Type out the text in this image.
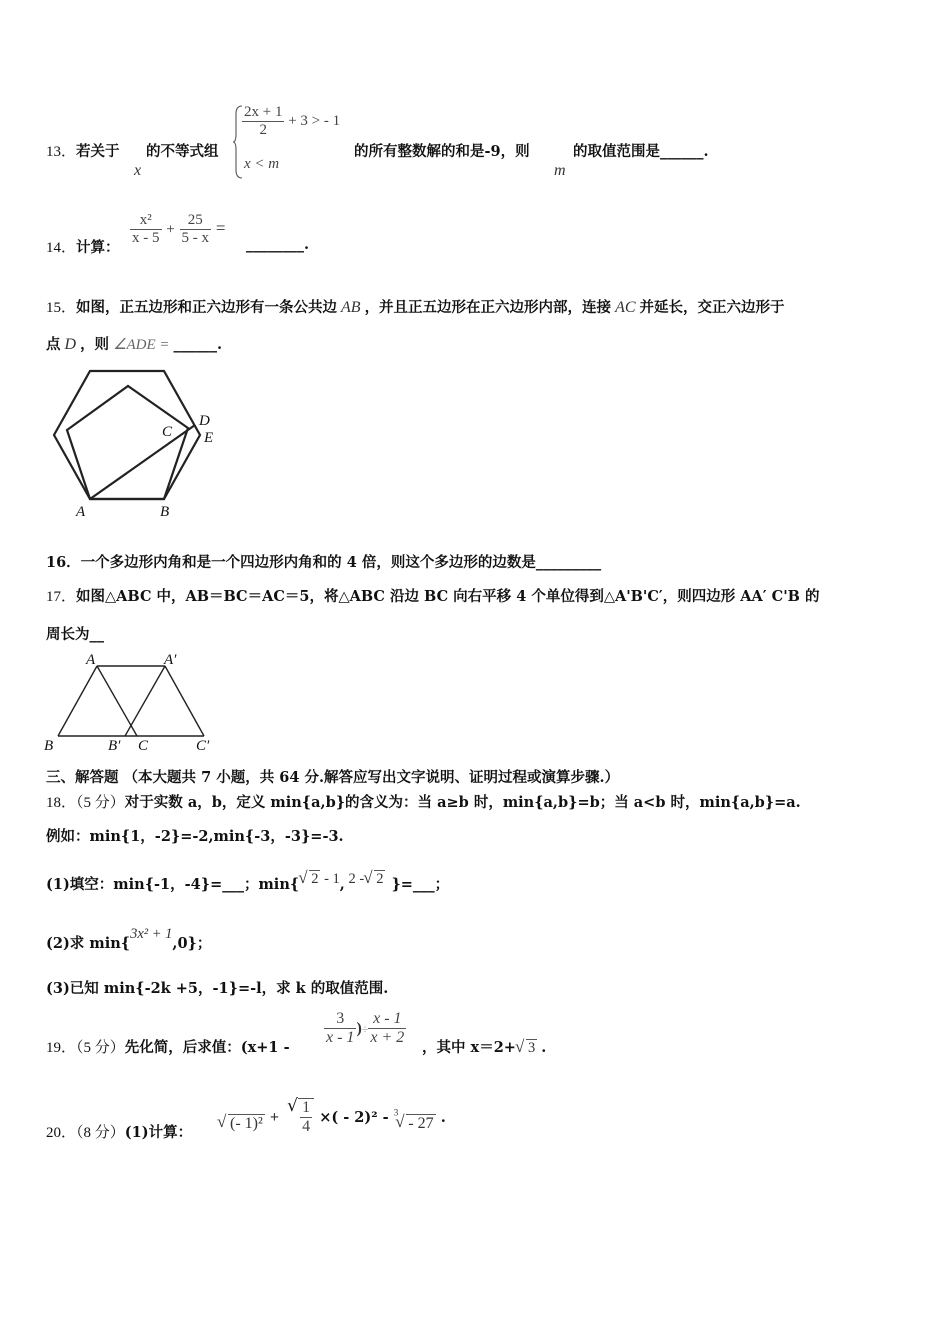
13．若关于
x
的不等式组
$\frac{2x + 1}{2} + 3$ > - 1
x < m
的所有整数解的和是-9，则
m
的取值范围是______.
14．计算：
$\frac{\text{x²}}{x - 5} + \frac{25}{5 - x}$ =
________.
15．如图，正五边形和正六边形有一条公共边 AB ，并且正五边形在正六边形内部，连接 AC 并延长，交正六边形于
点 D ，则 ∠ADE = ______.
A	B
C
D
E
16．一个多边形内角和是一个四边形内角和的 4 倍，则这个多边形的边数是_________
17．如图△ABC 中，AB＝BC＝AC＝5，将△ABC 沿边 BC 向右平移 4 个单位得到△A'B'C′，则四边形 AA′ C'B 的
周长为__
A	A′
B	B′ C	C′
三、解答题 （本大题共 7 小题，共 64 分.解答应写出文字说明、证明过程或演算步骤.）
18．（5 分）对于实数 a，b，定义 min{a,b}的含义为：当 a≥b 时，min{a,b}=b；当 a<b 时，min{a,b}=a.
例如：min{1，-2}=-2,min{-3，-3}=-3.
(1)填空：min{-1，-4}=___；min{ √ 2 - 1, 2 - √ 2 }=___；
(2)求 min{3x² + 1,0}；
(3)已知 min{-2k +5，-1}=-l，求 k 的取值范围.
19．（5 分）先化简，后求值：(x+1 -
$\frac{3}{x - 1}$ )÷ $\frac{x - 1}{x + 2}$
，其中 x＝2+ √ 3 .
20．（8 分）(1)计算：
√ (- 1)² + √ $\frac{1}{4}$ ×( - 2)² - $^3$√ - 27 .
